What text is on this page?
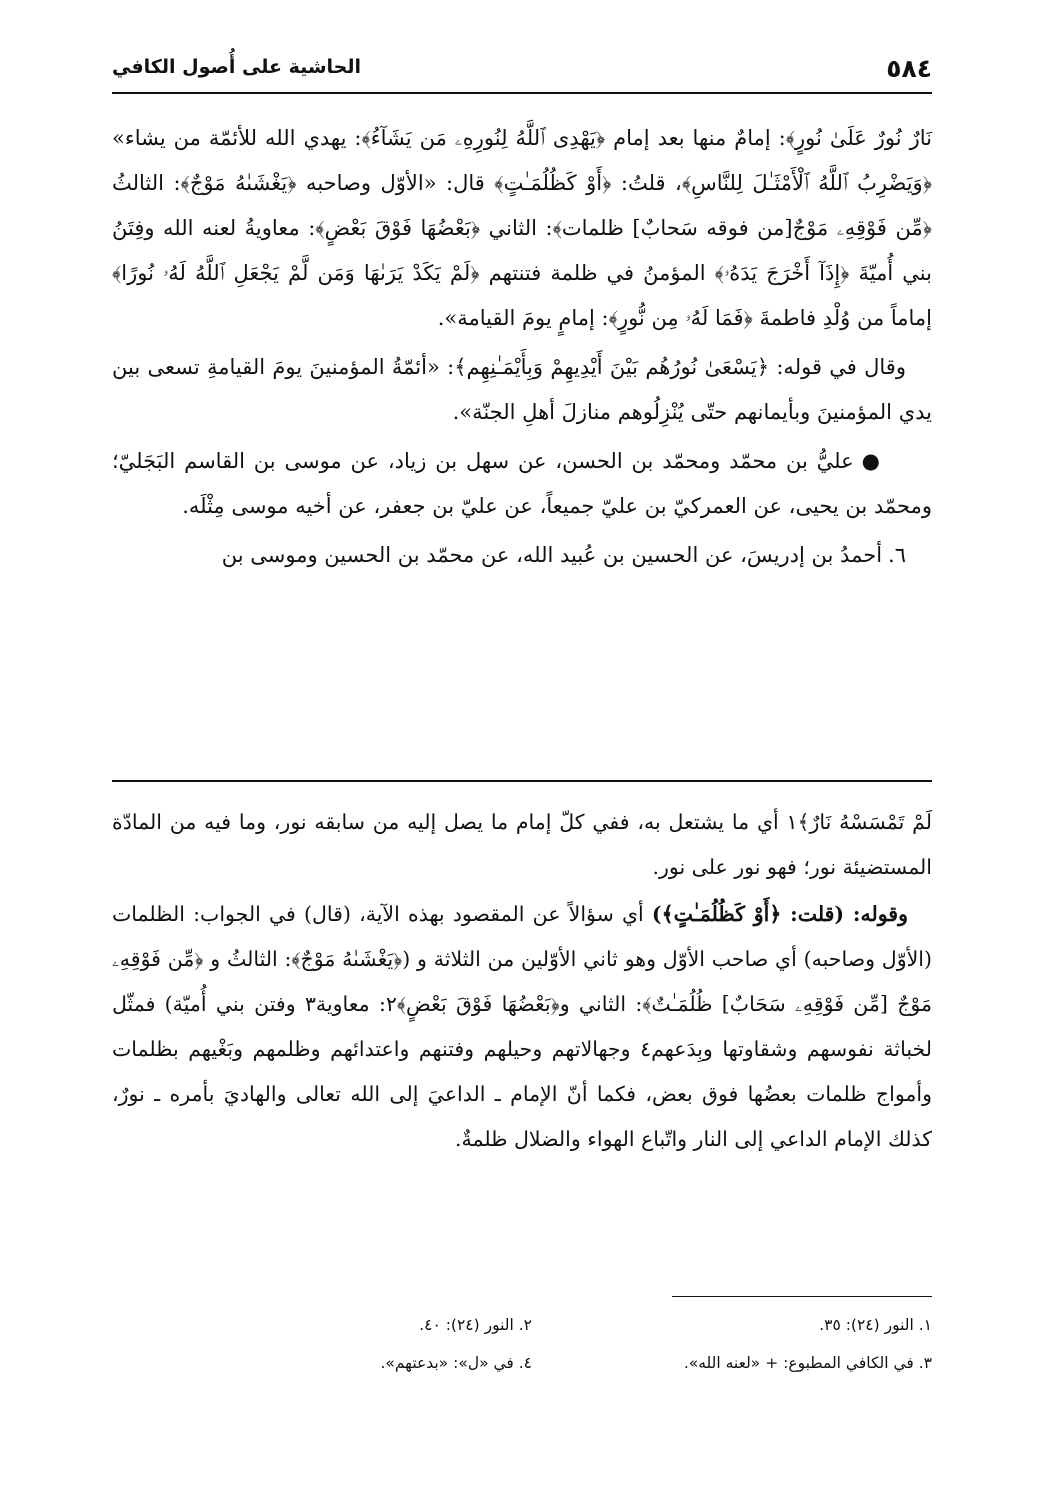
٥٨٤
الحاشية على أُصول الكافي

نَارٌ نُورٌ عَلَىٰ نُورٍ﴾: إمامٌ منها بعد إمام ﴿يَهْدِى ٱللَّهُ لِنُورِهِۦ مَن يَشَآءُ﴾: يهدي الله للأئمّة من يشاء» ﴿وَيَضْرِبُ ٱللَّهُ ٱلْأَمْثَـٰلَ لِلنَّاسِ﴾، قلتُ: ﴿أَوْ كَظُلُمَـٰتٍ﴾ قال: «الأوّل وصاحبه ﴿يَغْشَىٰهُ مَوْجٌ﴾: الثالثُ ﴿مِّن فَوْقِهِۦ مَوْجٌ[من فوقه سَحابٌ] ظلمات﴾: الثاني ﴿بَعْضُهَا فَوْقَ بَعْضٍ﴾: معاويةُ لعنه الله وفِتَنُ بني أُميّةَ ﴿إِذَآ أَخْرَجَ يَدَهُۥ﴾ المؤمنُ في ظلمة فتنتهم ﴿لَمْ يَكَدْ يَرَىٰهَا وَمَن لَّمْ يَجْعَلِ ٱللَّهُ لَهُۥ نُورًا﴾ إماماً من وُلْدِ فاطمةَ ﴿فَمَا لَهُۥ مِن نُّورٍ﴾: إمامٍ يومَ القيامة».

وقال في قوله: ﴿يَسْعَىٰ نُورُهُم بَيْنَ أَيْدِيهِمْ وَبِأَيْمَـٰنِهِم﴾: «أئمّةُ المؤمنينَ يومَ القيامةِ تسعى بين يدي المؤمنينَ وبأيمانهم حتّى يُنْزِلُوهم منازلَ أهلِ الجنّة».

●عليُّ بن محمّد ومحمّد بن الحسن، عن سهل بن زياد، عن موسى بن القاسم البَجَليّ؛ ومحمّد بن يحيى، عن العمركيّ بن عليّ جميعاً، عن عليّ بن جعفر، عن أخيه موسى مِثْلَه.

٦.أحمدُ بن إدريسَ، عن الحسين بن عُبيد الله، عن محمّد بن الحسين وموسى بن

لَمْ تَمْسَسْهُ نَارٌ﴾١ أي ما يشتعل به، ففي كلّ إمام ما يصل إليه من سابقه نور، وما فيه من المادّة المستضيئة نور؛ فهو نور على نور.

وقوله: (قلت: ﴿أَوْ كَظُلُمَـٰتٍ﴾) أي سؤالاً عن المقصود بهذه الآية، (قال) في الجواب: الظلمات (الأوّل وصاحبه) أي صاحب الأوّل وهو ثاني الأوّلين من الثلاثة و (﴿يَغْشَىٰهُ مَوْجٌ﴾: الثالثُ و ﴿مِّن فَوْقِهِۦ مَوْجٌ [مِّن فَوْقِهِۦ سَحَابٌ] ظُلُمَـٰتٌ﴾: الثاني و﴿بَعْضُهَا فَوْقَ بَعْضٍ﴾٢: معاوية٣ وفتن بني أُميّة) فمثّل لخباثة نفوسهم وشقاوتها وبِدَعهم٤ وجهالاتهم وحيلهم وفتنهم واعتدائهم وظلمهم وبَغْيهم بظلمات وأمواج ظلمات بعضُها فوق بعض، فكما أنّ الإمام ـ الداعيَ إلى الله تعالى والهاديَ بأمره ـ نورٌ، كذلك الإمام الداعي إلى النار واتّباع الهواء والضلال ظلمةٌ.

١. النور (٢٤): ٣٥.
٢. النور (٢٤): ٤٠.
٣. في الكافي المطبوع: + «لعنه الله».
٤. في «ل»: «بدعتهم».
